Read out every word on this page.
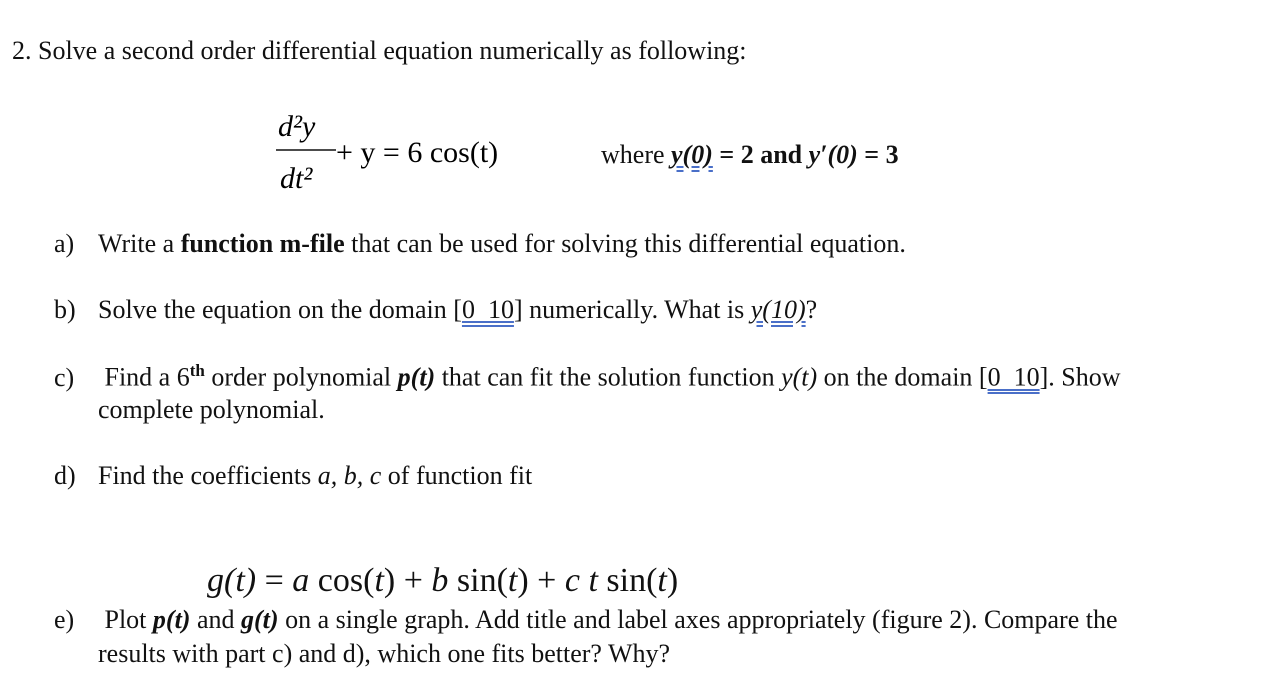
2. Solve a second order differential equation numerically as following:
d²y
dt²
+ y = 6 cos(t)	where y(0) = 2 and y′(0) = 3
a) Write a function m-file that can be used for solving this differential equation.
b) Solve the equation on the domain [0  10] numerically. What is y(10)?
c) Find a 6th order polynomial p(t) that can fit the solution function y(t) on the domain [0  10]. Show
complete polynomial.
d) Find the coefficients a, b, c of function fit

g(t) = a cos(t) + b sin(t) + c t sin(t)

e) Plot p(t) and g(t) on a single graph. Add title and label axes appropriately (figure 2). Compare the
results with part c) and d), which one fits better? Why?
